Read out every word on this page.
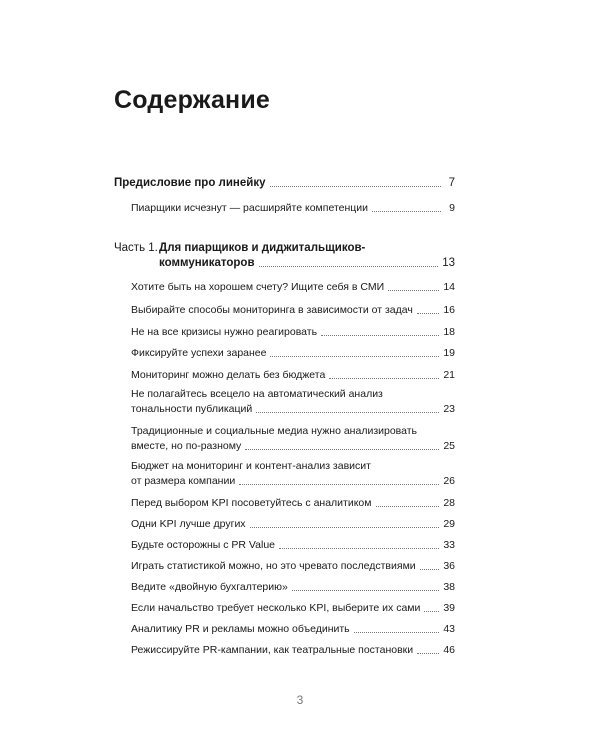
Содержание
Предисловие про линейку	7
Пиарщики исчезнут — расширяйте компетенции	9
Часть 1. Для пиарщиков и диджитальщиков-
коммуникаторов	13
Хотите быть на хорошем счету? Ищите себя в СМИ	14
Выбирайте способы мониторинга в зависимости от задач	16
Не на все кризисы нужно реагировать	18
Фиксируйте успехи заранее	19
Мониторинг можно делать без бюджета	21
Не полагайтесь всецело на автоматический анализ
тональности публикаций	23
Традиционные и социальные медиа нужно анализировать
вместе, но по-разному	25
Бюджет на мониторинг и контент-анализ зависит
от размера компании	26
Перед выбором KPI посоветуйтесь с аналитиком	28
Одни KPI лучше других	29
Будьте осторожны с PR Value	33
Играть статистикой можно, но это чревато последствиями	36
Ведите «двойную бухгалтерию»	38
Если начальство требует несколько KPI, выберите их сами 39
Аналитику PR и рекламы можно объединить	43
Режиссируйте PR-кампании, как театральные постановки	46
3
